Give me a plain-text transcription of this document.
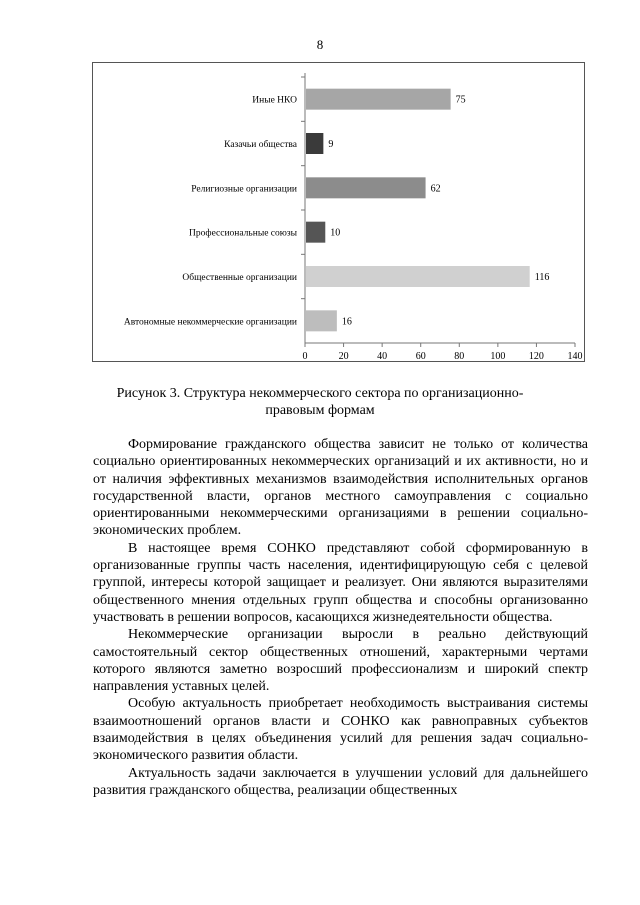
8
0	20	40	60	80	100 120 140
Иные НКО	75
Казачьи общества	9
Религиозные организации	62
Профессиональные союзы	10
Общественные организации	116
Автономные некоммерческие организации	16
Рисунок 3. Структура некоммерческого сектора по организационно-
правовым формам

Формирование гражданского общества зависит не только от количества социально ориентированных некоммерческих организаций и их активности, но и от наличия эффективных механизмов взаимодействия исполнительных органов государственной власти, органов местного самоуправления с социально ориентированными некоммерческими организациями в решении социально-экономических проблем.

В настоящее время СОНКО представляют собой сформированную в организованные группы часть населения, идентифицирующую себя с целевой группой, интересы которой защищает и реализует. Они являются выразителями общественного мнения отдельных групп общества и способны организованно участвовать в решении вопросов, касающихся жизнедеятельности общества.

Некоммерческие организации выросли в реально действующий самостоятельный сектор общественных отношений, характерными чертами которого являются заметно возросший профессионализм и широкий спектр направления уставных целей.

Особую актуальность приобретает необходимость выстраивания системы взаимоотношений органов власти и СОНКО как равноправных субъектов взаимодействия в целях объединения усилий для решения задач социально-экономического развития области.

Актуальность задачи заключается в улучшении условий для дальнейшего развития гражданского общества, реализации общественных
